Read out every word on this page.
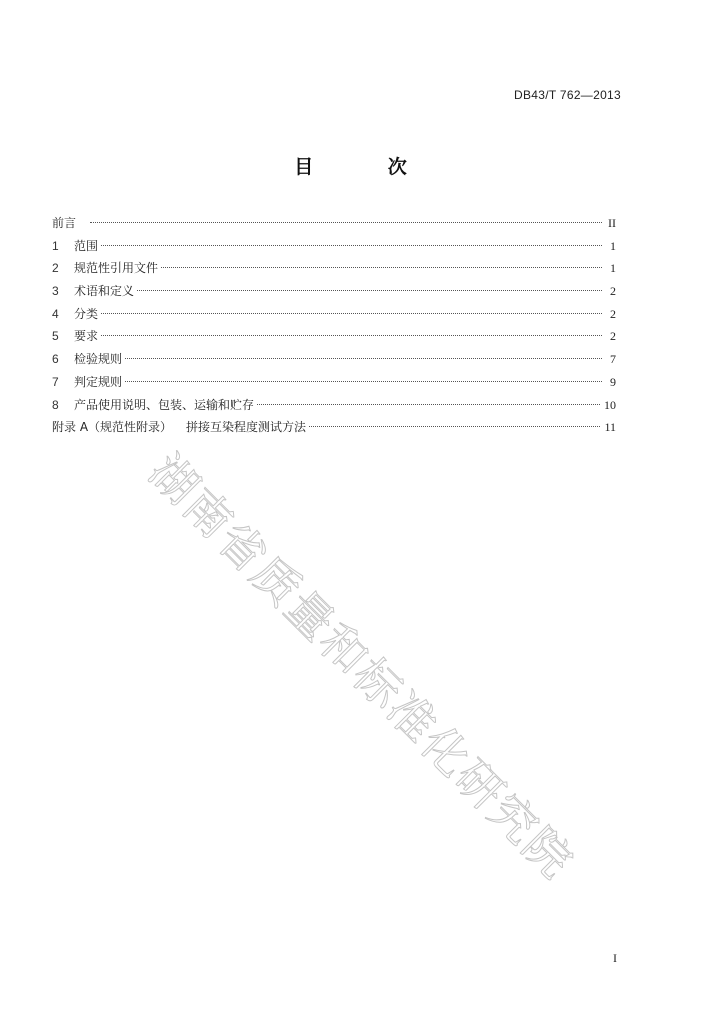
DB43/T 762—2013
目 次
前言	II
1	范围	1
2	规范性引用文件	1
3	术语和定义	2
4	分类	2
5	要求	2
6	检验规则	7
7	判定规则	9
8	产品使用说明、包装、运输和贮存	10
附录 A（规范性附录） 拼接互染程度测试方法	11
湖南省质量和标准化研究院
I
